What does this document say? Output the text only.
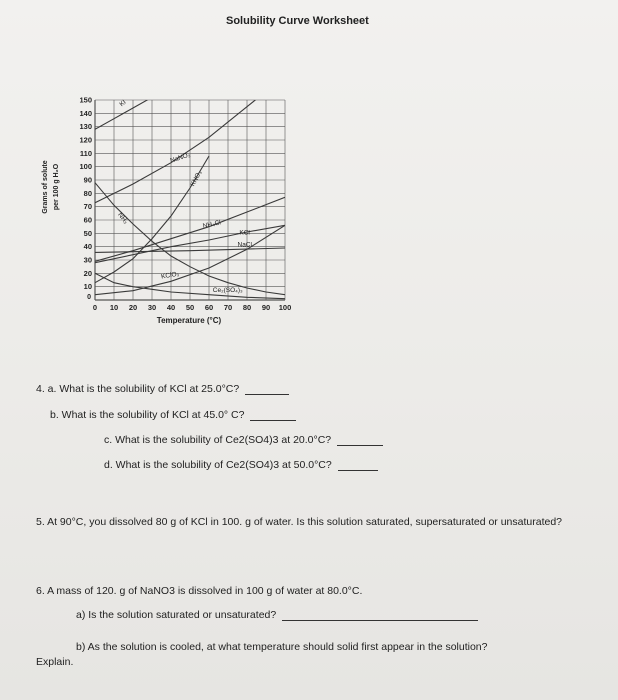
Solubility Curve Worksheet
0 10 20 30 40 50 60 70 80 90 100
10
20
30
40
50
60
70
80
90
100
110
120
130
140
150
0
KI
NaNO₃
KNO₃
NH₃	NH₄Cl
KCl
NaCl
KClO₃
Ce₂(SO₄)₃
Temperature (°C)
Grams of solute per 100 g H₂O
4. a. What is the solubility of KCl at 25.0°C?
b. What is the solubility of KCl at 45.0° C?
c. What is the solubility of Ce2(SO4)3 at 20.0°C?
d. What is the solubility of Ce2(SO4)3 at 50.0°C?
5. At 90°C, you dissolved 80 g of KCl in 100. g of water. Is this solution saturated, supersaturated or unsaturated?
6. A mass of 120. g of NaNO3 is dissolved in 100 g of water at 80.0°C.
a) Is the solution saturated or unsaturated?
b) As the solution is cooled, at what temperature should solid first appear in the solution?
Explain.
